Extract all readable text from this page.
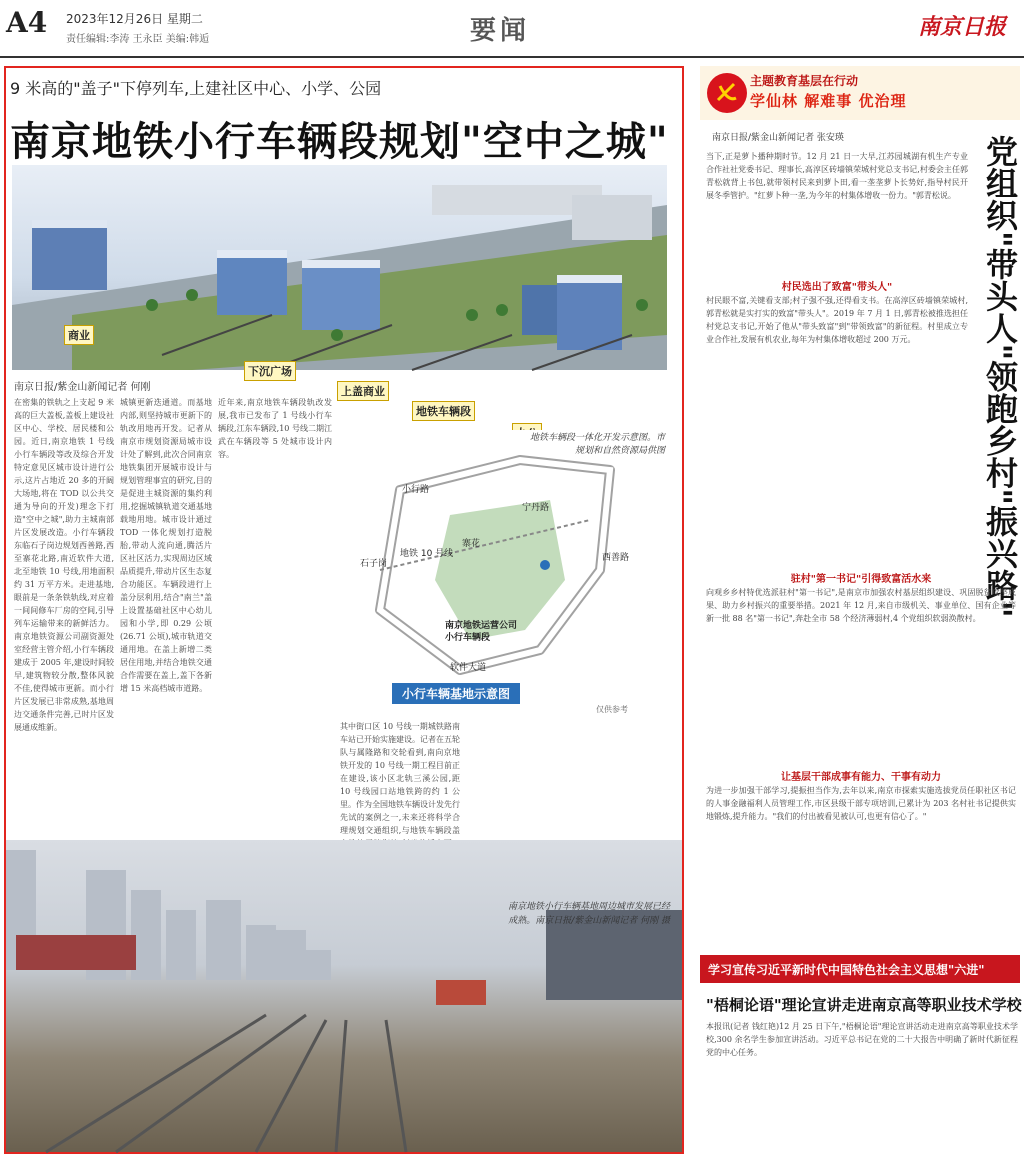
A4 2023年12月26日 星期二
责任编辑:李涛 王永臣 美编:韩逅	要闻	南京日报
9 米高的"盖子"下停列车,上建社区中心、小学、公园
南京地铁小行车辆段规划"空中之城"
商业
下沉广场
上盖商业
地铁车辆段
南京日报/紫金山新闻记者 何刚
在密集的铁轨之上支起 9 米高的巨大盖板,盖板上建设社区中心、学校、居民楼和公园。近日,南京地铁 1 号线小行车辆段等改及综合开发特定意见区城市设计进行公示,这片占地近 20 多的开阔大场地,将在 TOD 以公共交通为导向的开发)理念下打造"空中之城",助力主城南部片区发展改造。小行车辆段东临石子岗边规划西善路,西至寨花北路,南近软件大道,北至地铁 10 号线,用地面积约 31 万平方米。走进基地,眼前是一条条铁轨线,对应着一间间修车厂房的空间,引导列车运输带来的新鲜活力。南京地铁资源公司副资源处室经营主管介绍,小行车辆段建成于 2005 年,建设时间较早,建筑物较分散,整体风貌不佳,使得城市更新。而小行片区发展已非常成熟,基地周边交通条件完善,已时片区发展通成维新。
城镇更新迭通道。而基地内部,则坚持城市更新下的轨改用地再开发。记者从南京市规划资源局城市设计处了解到,此次合同南京地铁集团开展城市设计与规划管理事宜的研究,目的是促进主城资源的集约利用,挖掘城镇轨道交通基地载地用地。城市设计通过 TOD 一体化规划打造脱胎,带动人流向通,腾活片区社区活力,实现周边区域品质提升,带动片区生态复合功能区。车辆段进行上盖分层利用,结合"南兰"盖上设置基础社区中心幼儿园和小学,即 0.29 公顷(26.71 公顷),城市轨道交通用地。在盖上新增二类居住用地,并结合地铁交通合作需要在盖上,盖下各新增 15 米高档城市道路。
近年来,南京地铁车辆段轨改发展,我市已发布了 1 号线小行车辆段,江东车辆段,10 号线二期江武在车辆段等 5 处城市设计内容。
其中街口区 10 号线一期城铁路南车站已开始实施建设。记者在五轮队与属隆路和交轮看到,南向京地铁开发的 10 号线一期工程目前正在建设,该小区北轨三溪公园,距 10 号线园口站地铁跨的约 1 公里。作为全国地铁车辆设计发先行先试的案例之一,未来还将科学合理规划交通组织,与地铁车辆段盖
南京地铁运营公司小行车辆段
小行路
宁丹路
地铁 10 号线	西善路
软件大道
石子岗
寨花
地铁车辆段一体化开发示意图。市规划和自然资源局供图
小行车辆基地示意图
仅供参考
南京地铁小行车辆基地周边城市发展已经成熟。南京日报/紫金山新闻记者 何刚 摄
主题教育基层在行动
学仙林 解难事 优治理
南京日报/紫金山新闻记者 张安瑛	党组织"带头人"领跑乡村"振兴路"
当下,正是萝卜播种期时节。12 月 21 日一大早,江苏园城湖有机生产专业合作社社党委书记、理事长,高淳区砖墙镇荣城村党总支书记,村委会主任郭青松就背上书包,就带领村民来到萝卜田,看一垄垄萝卜长势好,指导村民开展冬季管护。"红萝卜种一垄,为今年的村集体增收一份力。"郭青松说。
村民选出了致富"带头人"
村民眼不富,关键看支部;村子强不强,还得看支书。在高淳区砖墙镇荣城村,郭青松就是实打实的致富"带头人"。2019 年 7 月 1 日,郭青松被推选担任村党总支书记,开始了他从"带头致富"到"带领致富"的新征程。村里成立专业合作社,发展有机农业,每年为村集体增收超过 200 万元。
驻村"第一书记"引得致富活水来
向观乡乡村特优选派驻村"第一书记",是南京市加强农村基层组织建设、巩固脱贫攻坚成果、助力乡村振兴的重要举措。2021 年 12 月,来自市级机关、事业单位、国有企业等新一批 88 名"第一书记",奔赴全市 58 个经济薄弱村,4 个党组织软弱涣散村。
让基层干部成事有能力、干事有动力
为进一步加强干部学习,提振担当作为,去年以来,南京市探索实施选拔党员任职社区书记的人事金融福利人员管理工作,市区县级干部专项培训,已累计为 203 名村社书记提供实地锻炼,提升能力。"我们的付出被看见被认可,也更有信心了。"
学习宣传习近平新时代中国特色社会主义思想"六进"
"梧桐论语"理论宣讲走进南京高等职业技术学校
本报讯(记者 钱红艳)12 月 25 日下午,"梧桐论语"理论宣讲活动走进南京高等职业技术学校,300 余名学生参加宣讲活动。习近平总书记在党的二十大报告中明确了新时代新征程党的中心任务。
